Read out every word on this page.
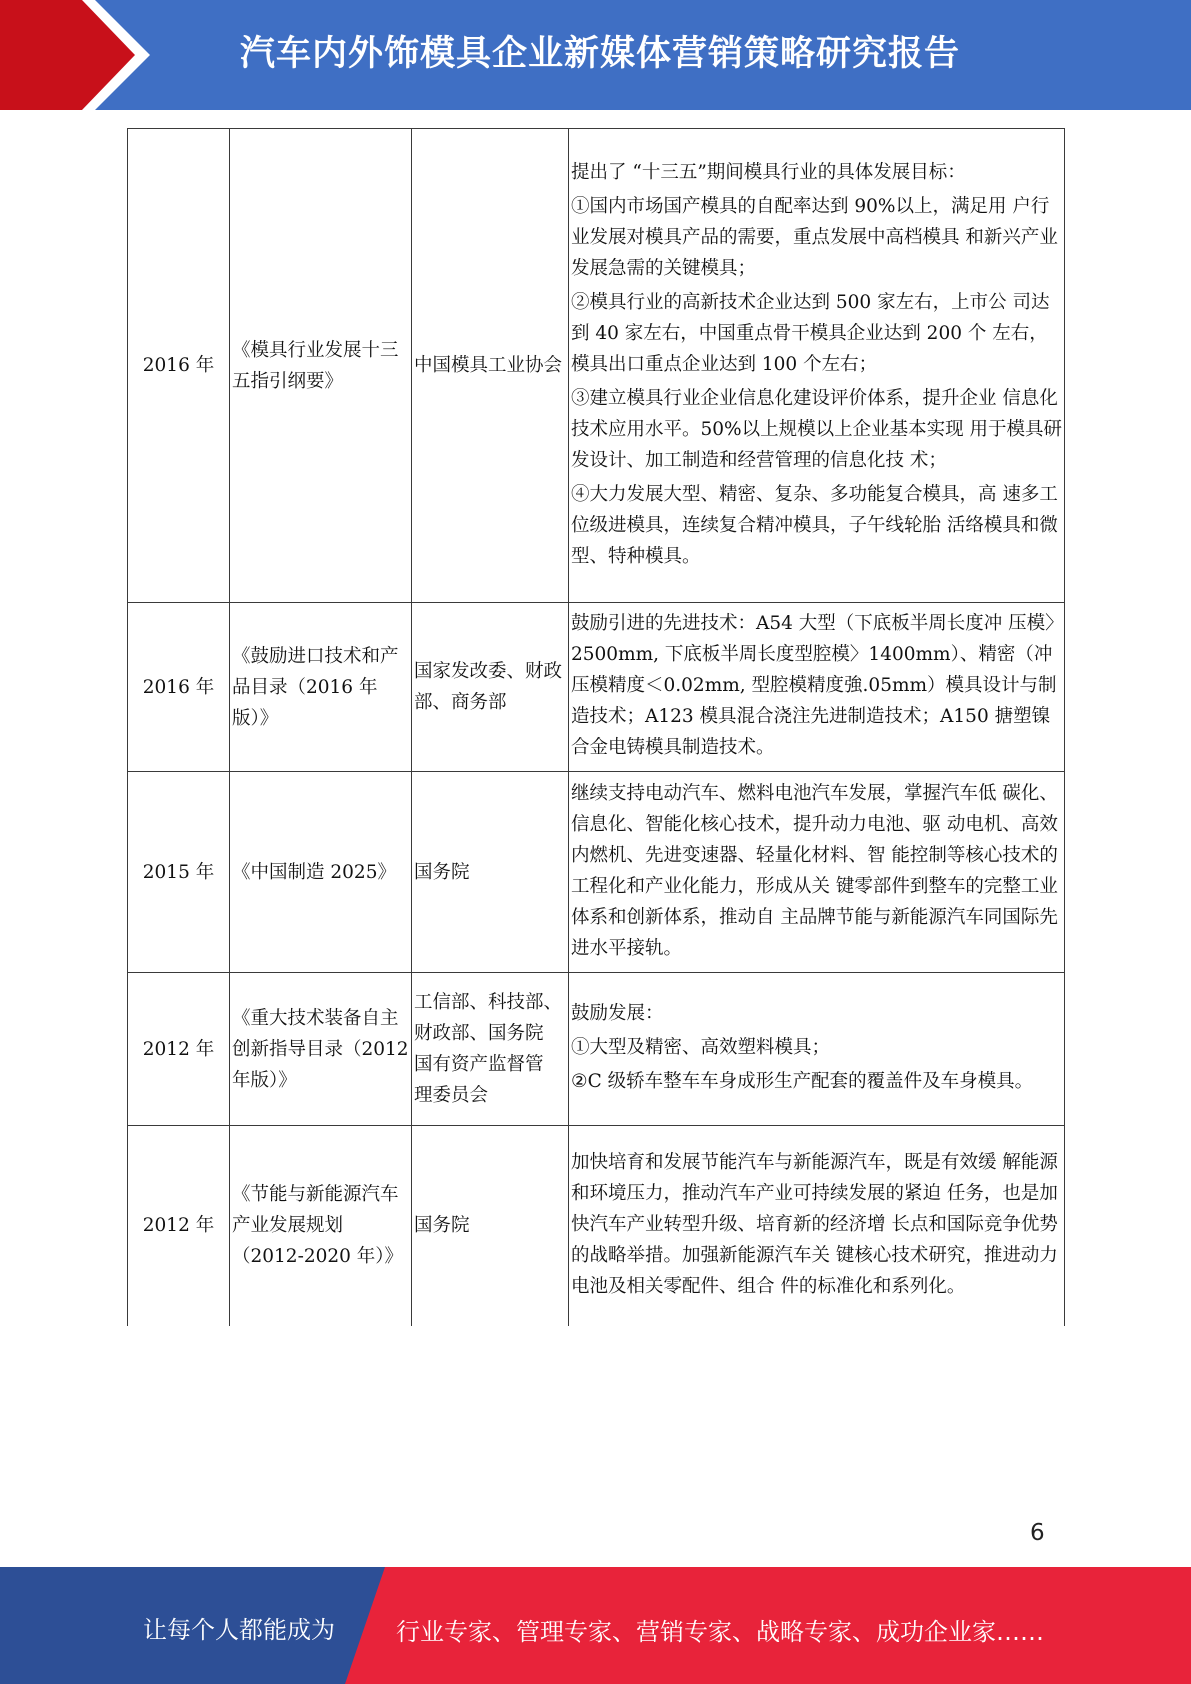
汽车内外饰模具企业新媒体营销策略研究报告
2016 年	《模具行业发展十三五指引纲要》	中国模具工业协会	提出了 “十三五”期间模具行业的具体发展目标：
①国内市场国产模具的自配率达到 90%以上，满足用 户行业发展对模具产品的需要，重点发展中高档模具 和新兴产业发展急需的关键模具；
②模具行业的高新技术企业达到 500 家左右，上市公 司达到 40 家左右，中国重点骨干模具企业达到 200 个 左右，模具出口重点企业达到 100 个左右；
③建立模具行业企业信息化建设评价体系，提升企业 信息化技术应用水平。50%以上规模以上企业基本实现 用于模具研发设计、加工制造和经营管理的信息化技 术；
④大力发展大型、精密、复杂、多功能复合模具，高 速多工位级进模具，连续复合精冲模具，子午线轮胎 活络模具和微型、特种模具。

2016 年	《鼓励进口技术和产品目录（2016 年版）》	国家发改委、财政部、商务部	鼓励引进的先进技术：A54 大型（下底板半周长度冲 压模〉2500mm, 下底板半周长度型腔模〉1400mm）、精密（冲压模精度＜0.02mm, 型腔模精度強.05mm）模具设计与制造技术；A123 模具混合浇注先进制造技术；A150 搪塑镍合金电铸模具制造技术。

2015 年	《中国制造 2025》	国务院	继续支持电动汽车、燃料电池汽车发展，掌握汽车低 碳化、信息化、智能化核心技术，提升动力电池、驱 动电机、高效内燃机、先进变速器、轻量化材料、智 能控制等核心技术的工程化和产业化能力，形成从关 键零部件到整车的完整工业体系和创新体系，推动自 主品牌节能与新能源汽车同国际先进水平接轨。

2012 年	《重大技术装备自主创新指导目录（2012 年版）》	工信部、科技部、 财政部、国务院 国有资产监督管 理委员会	鼓励发展：
①大型及精密、高效塑料模具；
②C 级轿车整车车身成形生产配套的覆盖件及车身模具。

2012 年	《节能与新能源汽车产业发展规划（2012-2020 年）》	国务院	加快培育和发展节能汽车与新能源汽车，既是有效缓 解能源和环境压力，推动汽车产业可持续发展的紧迫 任务，也是加快汽车产业转型升级、培育新的经济增 长点和国际竞争优势的战略举措。加强新能源汽车关 键核心技术研究，推进动力电池及相关零配件、组合 件的标准化和系列化。
6
让每个人都能成为	行业专家、管理专家、营销专家、战略专家、成功企业家……
